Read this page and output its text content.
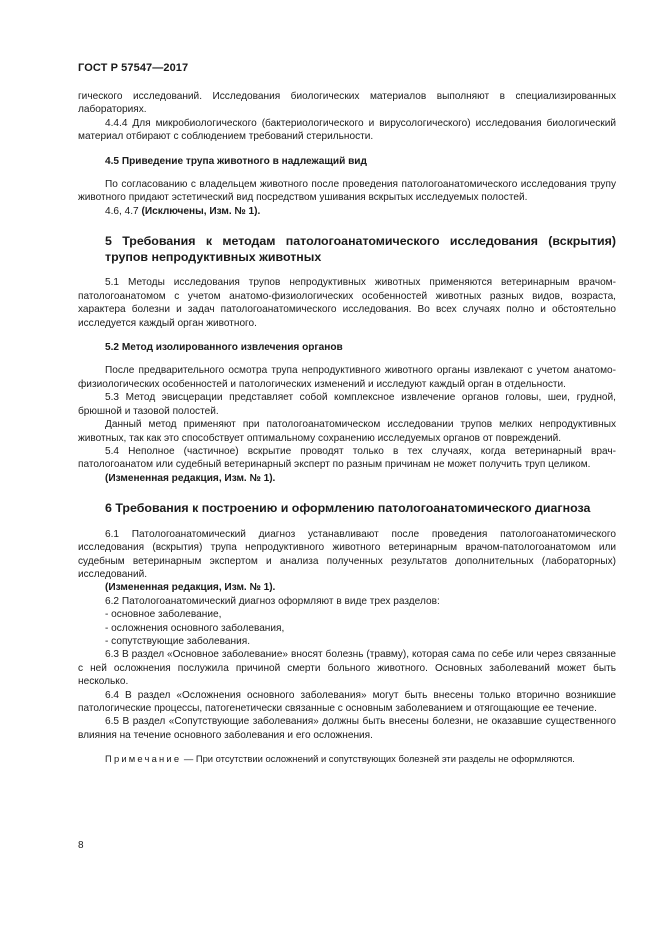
ГОСТ Р 57547—2017

гического исследований. Исследования биологических материалов выполняют в специализированных лабораториях.

4.4.4 Для микробиологического (бактериологического и вирусологического) исследования биологический материал отбирают с соблюдением требований стерильности.

4.5 Приведение трупа животного в надлежащий вид

По согласованию с владельцем животного после проведения патологоанатомического исследования трупу животного придают эстетический вид посредством ушивания вскрытых исследуемых полостей.

4.6, 4.7 (Исключены, Изм. № 1).

5 Требования к методам патологоанатомического исследования (вскрытия) трупов непродуктивных животных

5.1 Методы исследования трупов непродуктивных животных применяются ветеринарным врачом-патологоанатомом с учетом анатомо-физиологических особенностей животных разных видов, возраста, характера болезни и задач патологоанатомического исследования. Во всех случаях полно и обстоятельно исследуется каждый орган животного.

5.2 Метод изолированного извлечения органов

После предварительного осмотра трупа непродуктивного животного органы извлекают с учетом анатомо-физиологических особенностей и патологических изменений и исследуют каждый орган в отдельности.

5.3 Метод эвисцерации представляет собой комплексное извлечение органов головы, шеи, грудной, брюшной и тазовой полостей.

Данный метод применяют при патологоанатомическом исследовании трупов мелких непродуктивных животных, так как это способствует оптимальному сохранению исследуемых органов от повреждений.

5.4 Неполное (частичное) вскрытие проводят только в тех случаях, когда ветеринарный врач-патологоанатом или судебный ветеринарный эксперт по разным причинам не может получить труп целиком.

(Измененная редакция, Изм. № 1).

6 Требования к построению и оформлению патологоанатомического диагноза

6.1 Патологоанатомический диагноз устанавливают после проведения патологоанатомического исследования (вскрытия) трупа непродуктивного животного ветеринарным врачом-патологоанатомом или судебным ветеринарным экспертом и анализа полученных результатов дополнительных (лабораторных) исследований.

(Измененная редакция, Изм. № 1).

6.2 Патологоанатомический диагноз оформляют в виде трех разделов:

- основное заболевание,

- осложнения основного заболевания,

- сопутствующие заболевания.

6.3 В раздел «Основное заболевание» вносят болезнь (травму), которая сама по себе или через связанные с ней осложнения послужила причиной смерти больного животного. Основных заболеваний может быть несколько.

6.4 В раздел «Осложнения основного заболевания» могут быть внесены только вторично возникшие патологические процессы, патогенетически связанные с основным заболеванием и отягощающие ее течение.

6.5 В раздел «Сопутствующие заболевания» должны быть внесены болезни, не оказавшие существенного влияния на течение основного заболевания и его осложнения.

Примечание — При отсутствии осложнений и сопутствующих болезней эти разделы не оформляются.

8
